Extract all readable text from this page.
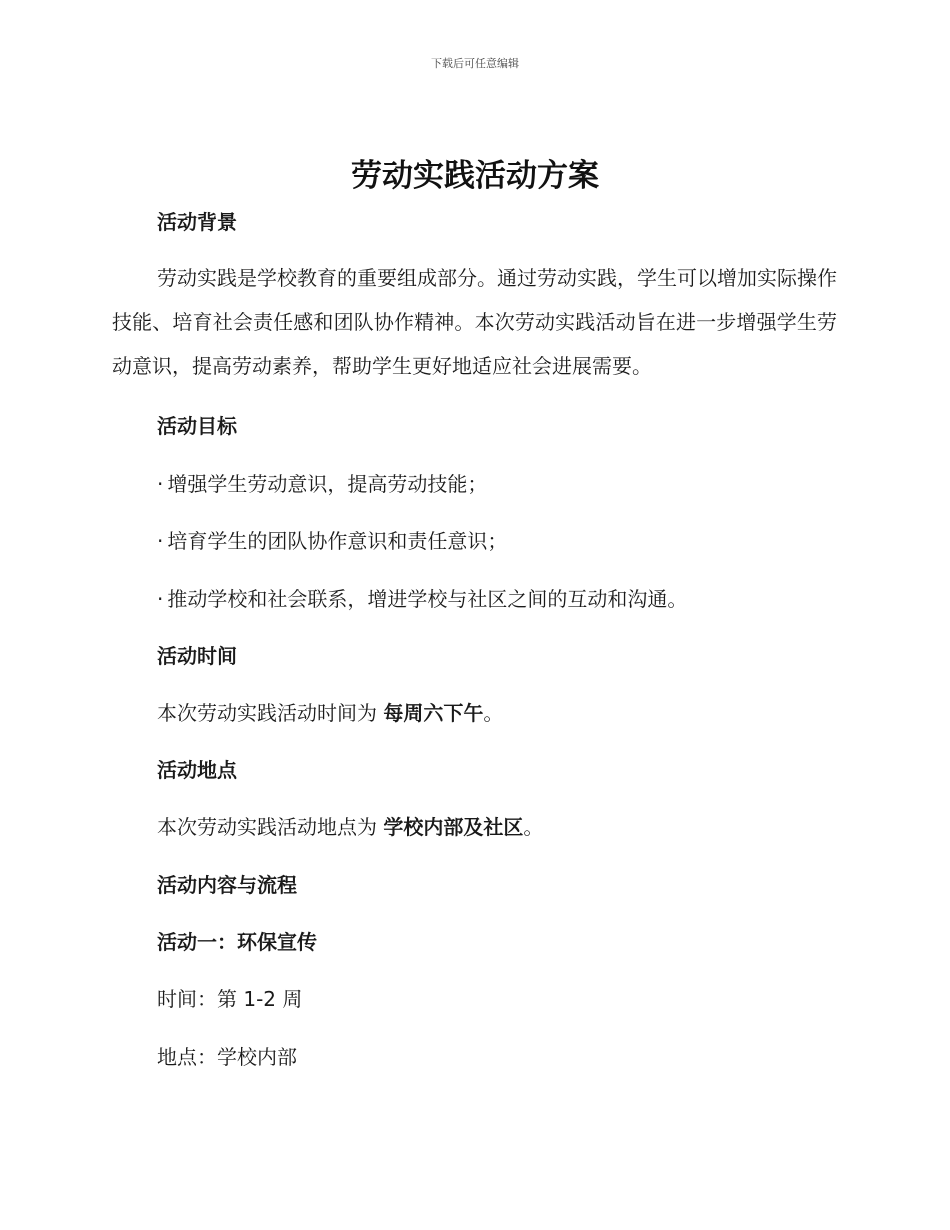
下载后可任意编辑
劳动实践活动方案
活动背景

劳动实践是学校教育的重要组成部分。通过劳动实践，学生可以增加实际操作技能、培育社会责任感和团队协作精神。本次劳动实践活动旨在进一步增强学生劳动意识，提高劳动素养，帮助学生更好地适应社会进展需要。

活动目标
· 增强学生劳动意识，提高劳动技能；
· 培育学生的团队协作意识和责任意识；
· 推动学校和社会联系，增进学校与社区之间的互动和沟通。
活动时间
本次劳动实践活动时间为 每周六下午。
活动地点
本次劳动实践活动地点为 学校内部及社区。
活动内容与流程
活动一：环保宣传
时间：第 1-2 周
地点：学校内部
